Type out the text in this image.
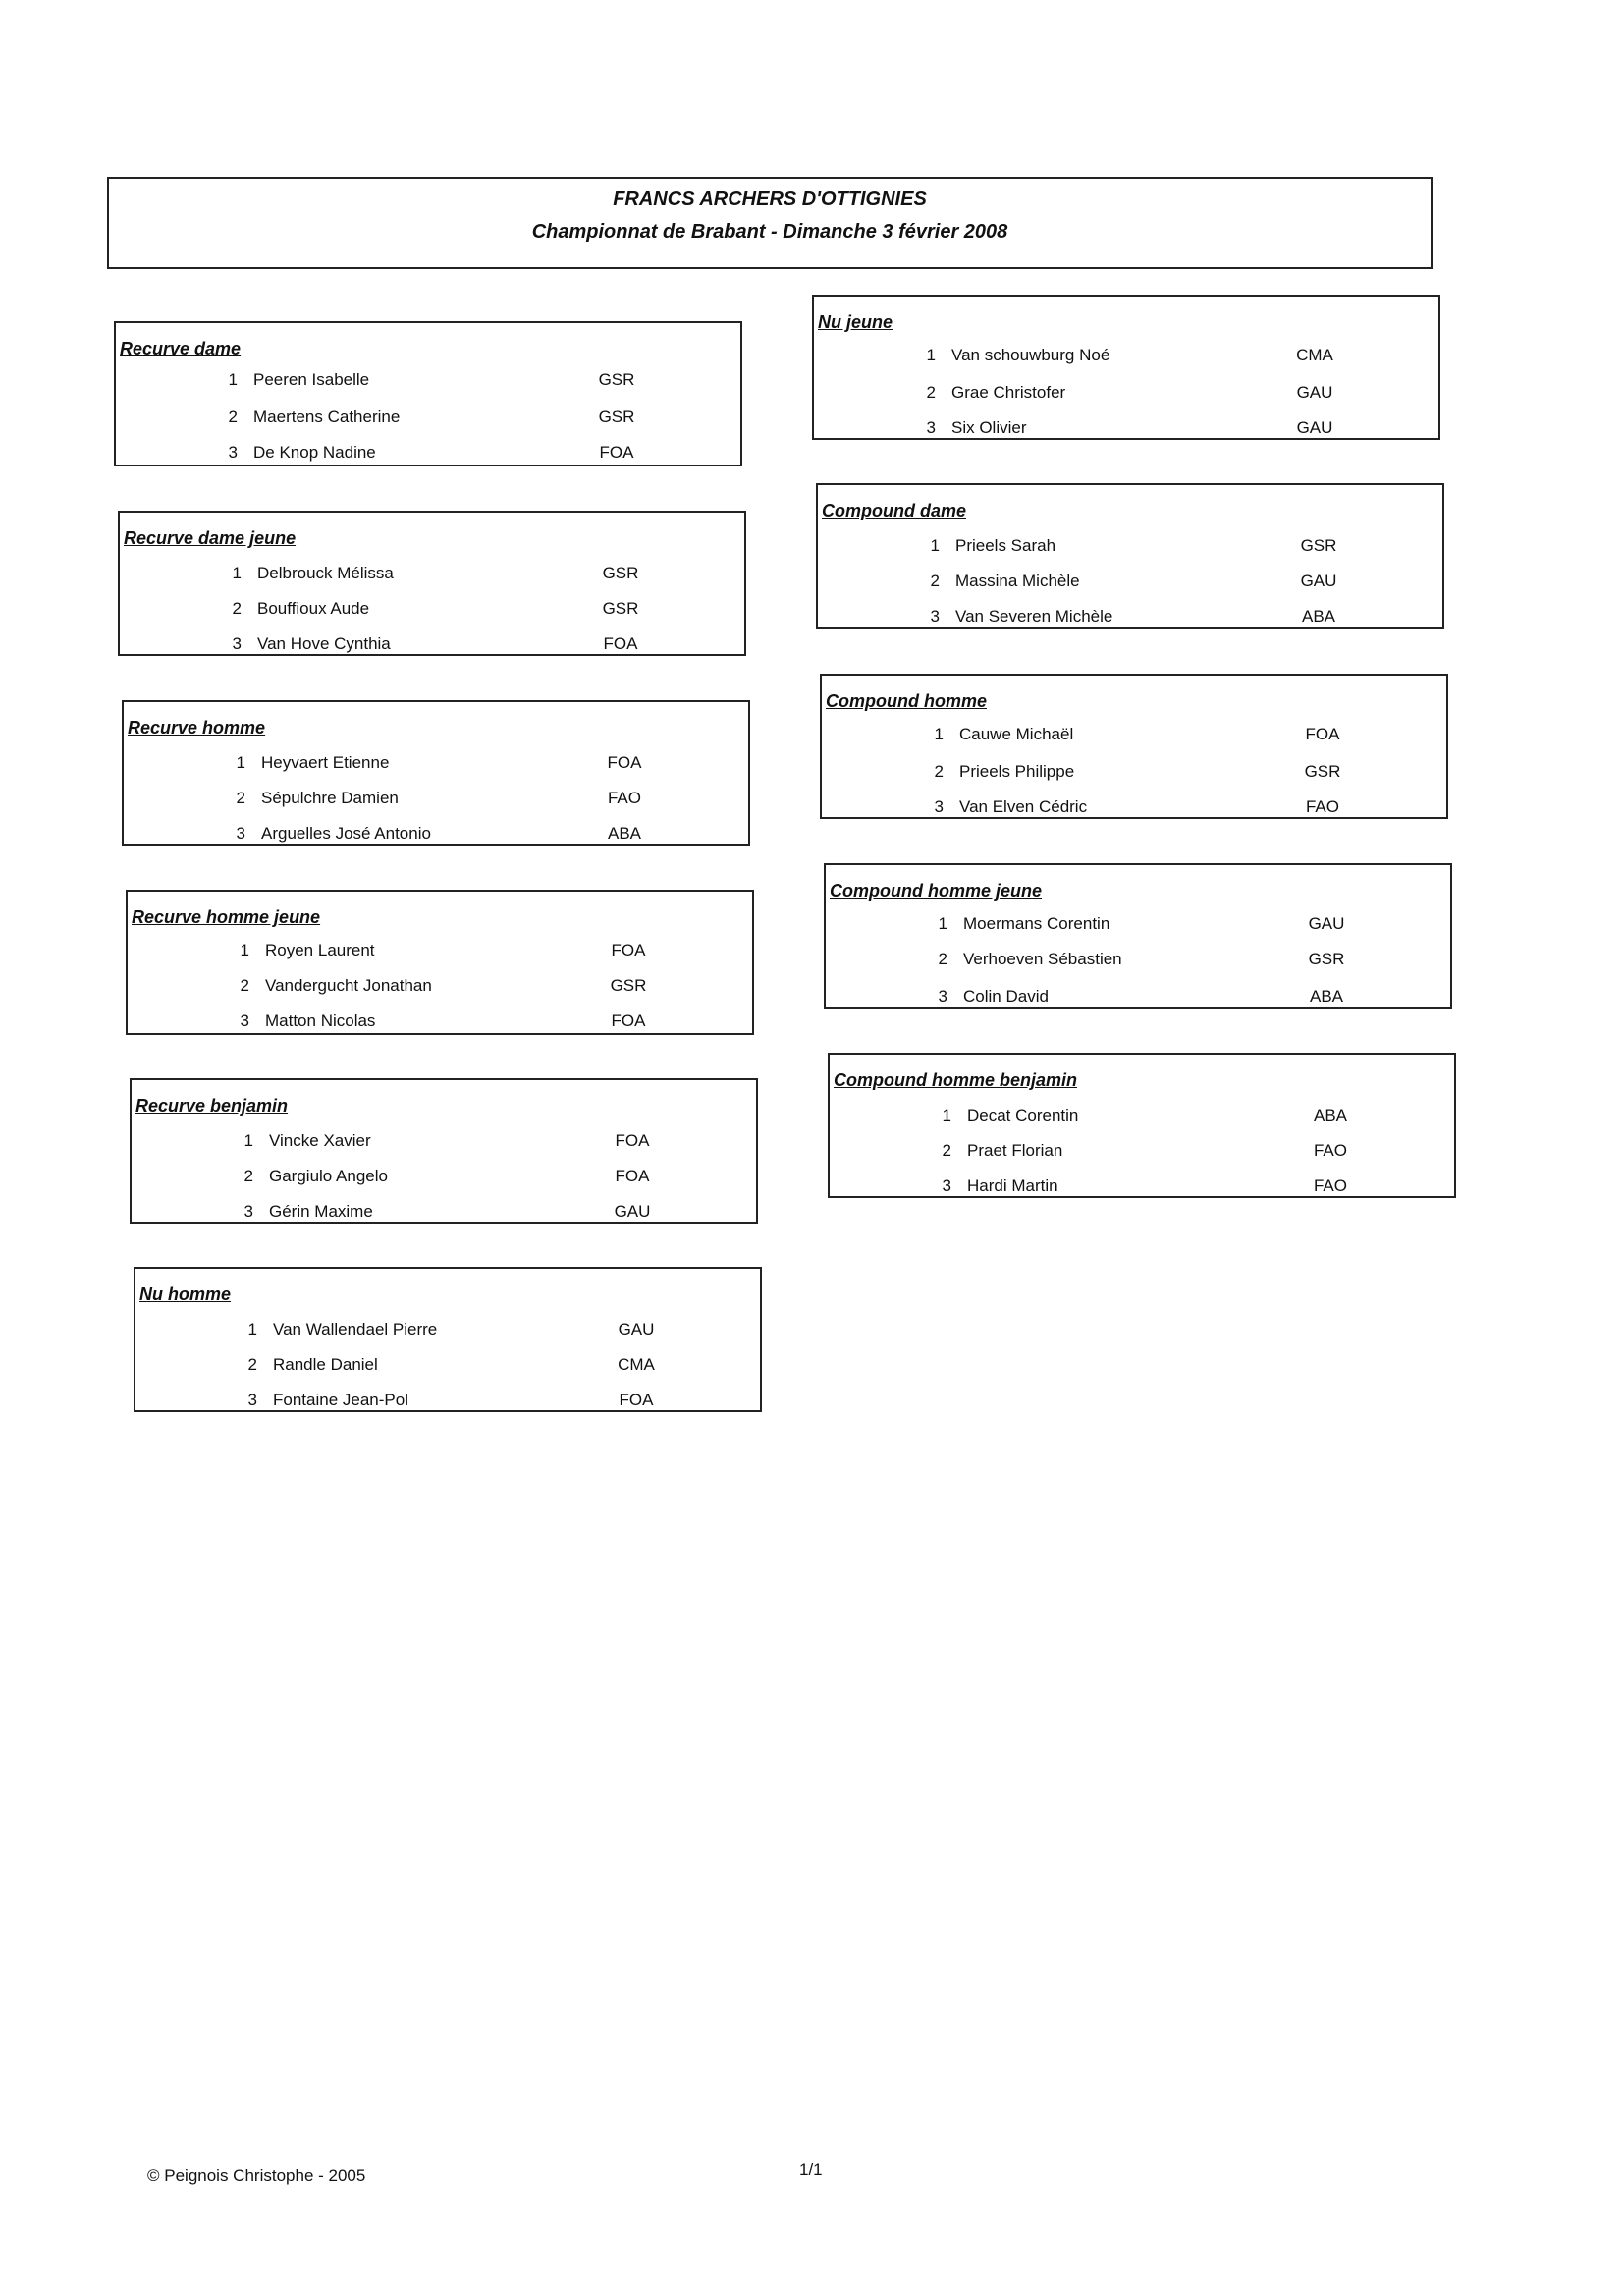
FRANCS ARCHERS D'OTTIGNIES
Championnat de Brabant - Dimanche 3 février 2008
Recurve dame
1 Peeren Isabelle	GSR
2 Maertens Catherine	GSR
3 De Knop Nadine	FOA
Recurve dame jeune
1 Delbrouck Mélissa	GSR
2 Bouffioux Aude	GSR
3 Van Hove Cynthia	FOA
Recurve homme
1 Heyvaert Etienne	FOA
2 Sépulchre Damien	FAO
3 Arguelles José Antonio	ABA
Recurve homme jeune
1 Royen Laurent	FOA
2 Vandergucht Jonathan	GSR
3 Matton Nicolas	FOA
Recurve benjamin
1 Vincke Xavier	FOA
2 Gargiulo Angelo	FOA
3 Gérin Maxime	GAU
Nu homme
1 Van Wallendael Pierre	GAU
2 Randle Daniel	CMA
3 Fontaine Jean-Pol	FOA
Nu jeune
1 Van schouwburg Noé	CMA
2 Grae Christofer	GAU
3 Six Olivier	GAU
Compound dame
1 Prieels Sarah	GSR
2 Massina Michèle	GAU
3 Van Severen Michèle	ABA
Compound homme
1 Cauwe Michaël	FOA
2 Prieels Philippe	GSR
3 Van Elven Cédric	FAO
Compound homme jeune
1 Moermans Corentin	GAU
2 Verhoeven Sébastien	GSR
3 Colin David	ABA
Compound homme benjamin
1 Decat Corentin	ABA
2 Praet Florian	FAO
3 Hardi Martin	FAO
© Peignois Christophe - 2005	1/1
